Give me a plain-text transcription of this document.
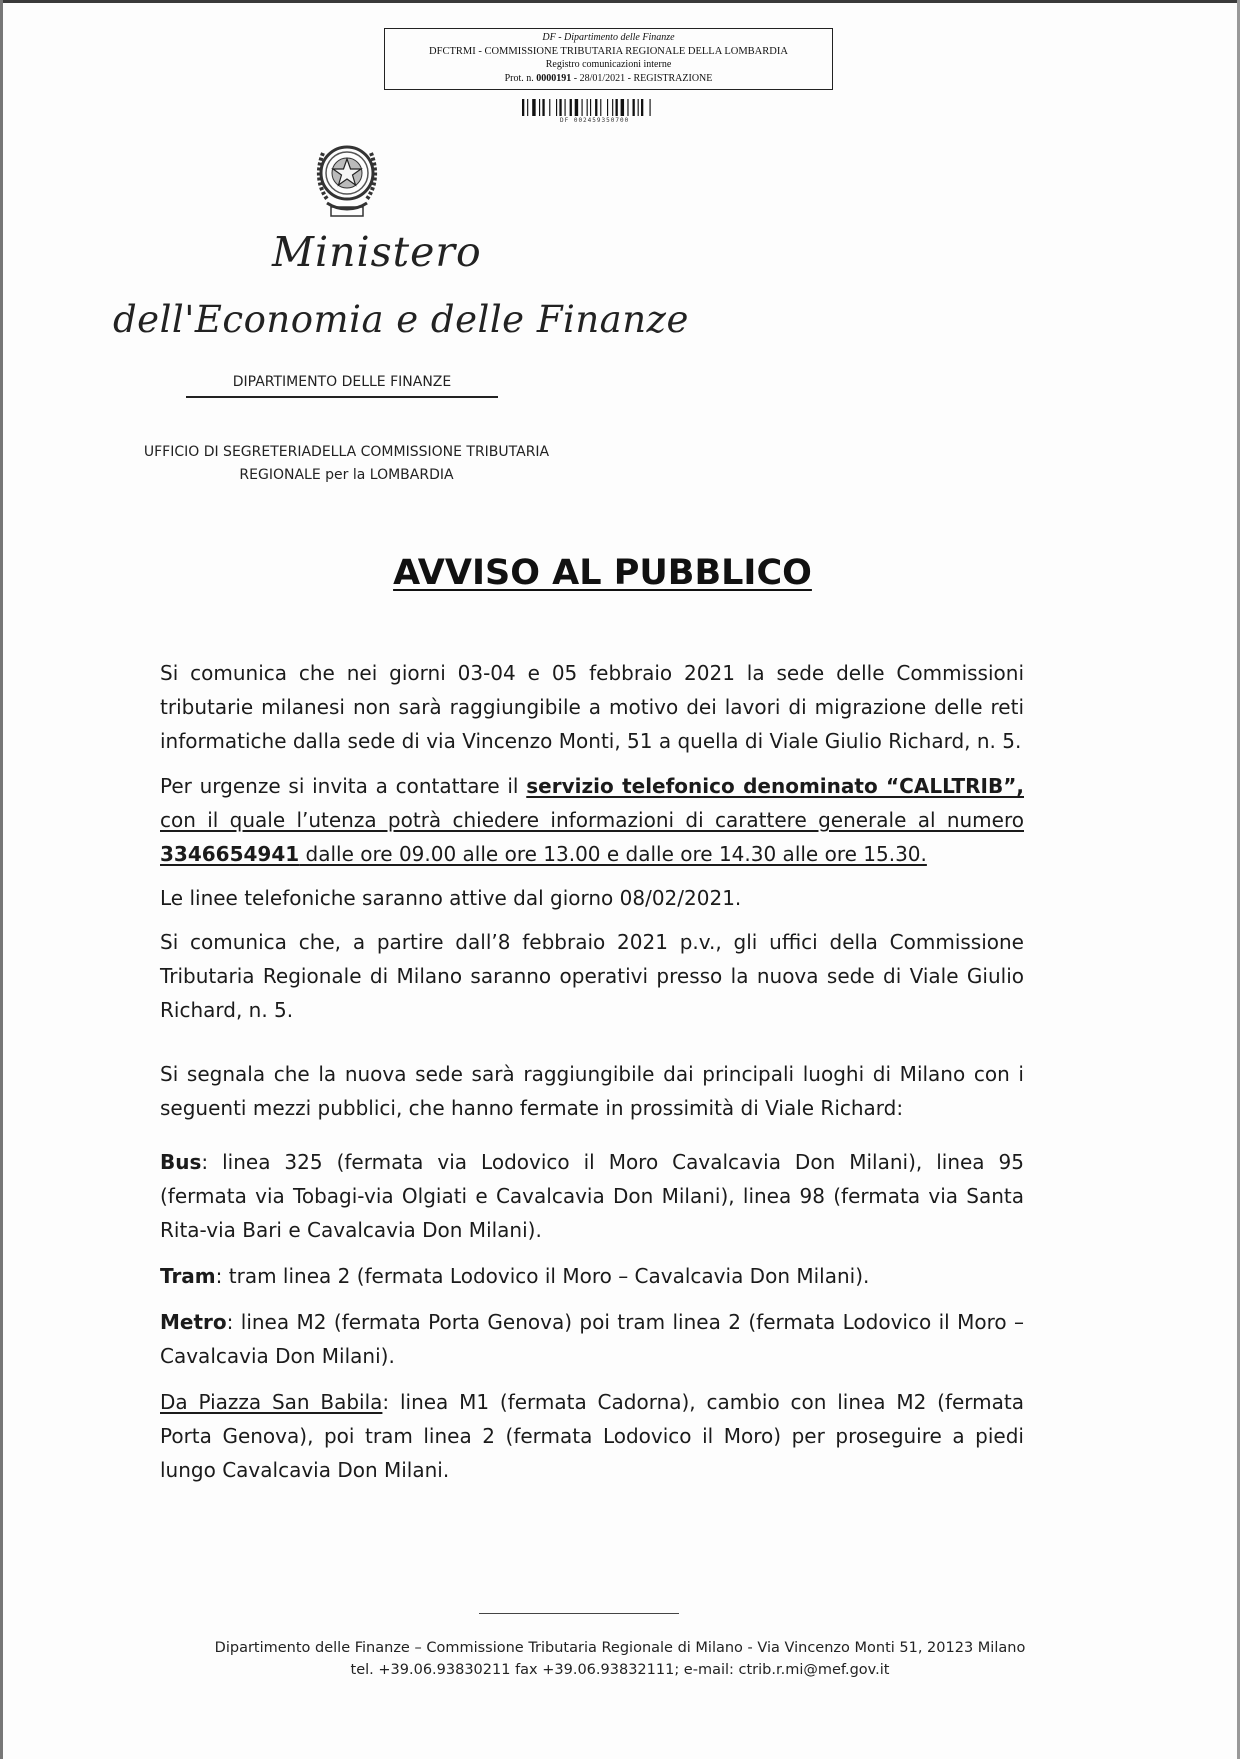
DF - Dipartimento delle Finanze
DFCTRMI - COMMISSIONE TRIBUTARIA REGIONALE DELLA LOMBARDIA
Registro comunicazioni interne
Prot. n. 0000191 - 28/01/2021 - REGISTRAZIONE
DF 002459350700
Ministero
dell'Economia e delle Finanze
DIPARTIMENTO DELLE FINANZE
UFFICIO DI SEGRETERIADELLA COMMISSIONE TRIBUTARIA
REGIONALE per la LOMBARDIA
AVVISO AL PUBBLICO

Si comunica che nei giorni 03-04 e 05 febbraio 2021 la sede delle Commissioni tributarie milanesi non sarà raggiungibile a motivo dei lavori di migrazione delle reti informatiche dalla sede di via Vincenzo Monti, 51 a quella di Viale Giulio Richard, n. 5.

Per urgenze si invita a contattare il servizio telefonico denominato “CALLTRIB”, con il quale l’utenza potrà chiedere informazioni di carattere generale al numero 3346654941 dalle ore 09.00 alle ore 13.00 e dalle ore 14.30 alle ore 15.30.

Le linee telefoniche saranno attive dal giorno 08/02/2021.

Si comunica che, a partire dall’8 febbraio 2021 p.v., gli uffici della Commissione Tributaria Regionale di Milano saranno operativi presso la nuova sede di Viale Giulio Richard, n. 5.

Si segnala che la nuova sede sarà raggiungibile dai principali luoghi di Milano con i seguenti mezzi pubblici, che hanno fermate in prossimità di Viale Richard:

Bus: linea 325 (fermata via Lodovico il Moro Cavalcavia Don Milani), linea 95 (fermata via Tobagi-via Olgiati e Cavalcavia Don Milani), linea 98 (fermata via Santa Rita-via Bari e Cavalcavia Don Milani).

Tram: tram linea 2 (fermata Lodovico il Moro – Cavalcavia Don Milani).

Metro: linea M2 (fermata Porta Genova) poi tram linea 2 (fermata Lodovico il Moro – Cavalcavia Don Milani).

Da Piazza San Babila: linea M1 (fermata Cadorna), cambio con linea M2 (fermata Porta Genova), poi tram linea 2 (fermata Lodovico il Moro) per proseguire a piedi lungo Cavalcavia Don Milani.

Dipartimento delle Finanze – Commissione Tributaria Regionale di Milano - Via Vincenzo Monti 51, 20123 Milano
tel. +39.06.93830211 fax +39.06.93832111; e-mail: ctrib.r.mi@mef.gov.it
